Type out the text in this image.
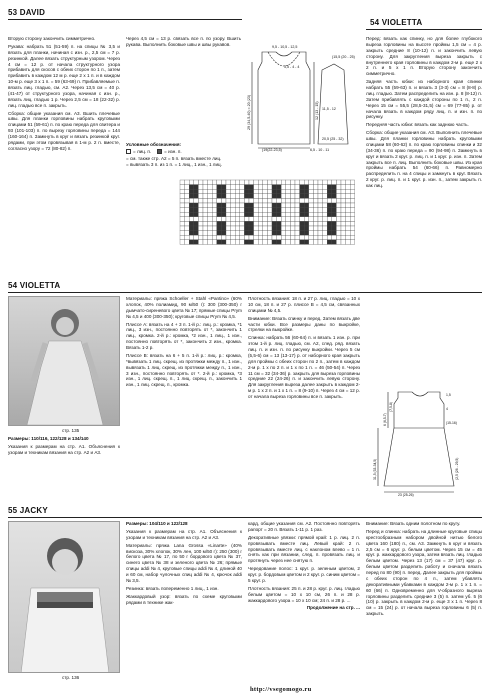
53 DAVID
54 VIOLETTA

Вторую сторону закончить симметрично.

Рукава: набрать 51 (51-59) п. на спицы № 3,5 и вязать для планки, начиная с изн. р., 2,5 см = 7 р. резинкой. Далее вязать структурным узором. Через 4 см = 12 р. от начала структурного узора прибавить для скосов с обеих сторон по 1 п., затем прибавить в каждом 12 м р. еще 2 x 1 п. и в каждом 10-м р. еще 3 x 1 п. = 59 (63-69) п. Прибавляемые п. вязать лиц. гладью, см. А2. Через 13,5 см = 40 р. (41-47) от структурного узора, начиная с изн. р., вязать лиц. гладью 1 р. Через 2,5 см = 18 (22-32) р. лиц. гладью все п. закрыть.

Сборка: общие указания см. А3. Вшить плечевые швы. Для планки горловины набрать круговыми спицами 51 (59-61) п. по краю переда для свитера и 93 (101-103) п. по вырезу горловины переда = 144 (160-164) п. Замкнуть в круг и вязать резинкой круг. рядами, при этом провязывая в 1-м р. 2 п. вместе, согласно узору = 72 (80-82) п.

Через 4,5 см = 13 р. связать все п. по узору. Вшить рукава. Выполнить боковые швы и швы рукавов.

9,5 - 10,5 - 12,5
3,5 - 4 - 4
(19(22-23,5)	6,5 - 10 - 11
(15,5 (20 - 25)
29 (34,5-40) = 20 (23)	12 (13 - 15) 11,5 - 12
20,5 (25 - 32)
Условные обозначения:
= лиц. п.	= изн. п.
= см. также стр. А2 = 5 п. вязать вместе лиц.
= вывязать 3 п. из 1 п. = 1 лиц., 1 изн., 1 лиц.
54 VIOLETTA
стр. 135

Размеры: 110/116, 122/128 и 134/140

Указания к размерам на стр. А1. Объяснения к узорам и техникам вязания на стр. А2 и А3.

Материалы: пряжа Schoeller + Stahl «Pantino» (60% хлопок, 40% полиамид, 90 м/50 г): 300 (300-350) г дымчато-сиреневого цвета № 17; прямые спицы Prym № 4,5 и 400 (300-350); круговые спицы Prym № 4,5.

Плиссе А: вязать на 4 + 3 п. 1-й р.: лиц. р.: кромка, *1 лиц., 3 изн., постоянно повторять от *, закончить 1 лиц., кромка. 2-й р.: кромка, *2 изн., 1 лиц., 1 изн., постоянно повторять от *, закончить 2 изн., кромка. Вязать 1-2 р.

Плиссе В: вязать на 6 + 5 п. 1-й р.: лиц. р.: кромка, *вывязать 1 лиц. скрещ. из протяжки между п., 1 изн., вывязать 1 лиц. скрещ. из протяжки между п., 1 изн., 3 изн., постоянно повторять от *. 2-й р.: кромка, *3 изн., 1 лиц. скрещ. п., 1 лиц. скрещ. п., закончить 1 изн., 1 лиц. скрещ. п., кромка.

Плотность вязания: 18 п. и 27 р. лиц. гладью = 10 x 10 см, 18 п. и 27 р. плиссе В = 4,5 см, связанных спицами № 4,5.

Внимание: Вязать спинку и перед. Затем вязать две части юбки. Все размеры даны по выкройке, стрелки на выкройке.

Спинка: набрать 56 (60-64) п. и вязать 1 изн. р. при этом 1-й р. лиц. гладью, см. А2, след. ряд. вязать лиц. п. и изн. п. по рисунку выкройки. Через 5 см (5,5-6) см = 13 (13-17) р. от наборного края закрыть для проймы с обеих сторон по 2 п., затем в каждом 2-м р. 1 x по 2 п. и 1 x по 1 п. = 46 (50-54) п. Через 11 см = 32 (34-36) р. закрыть для выреза горловины средние 22 (24-26) п. и закончить левую сторону. Для закругления выреза далее закрыть в каждом 2-м р. 1 x 2 п. и 1 x 1 п. = 8 (9-10) п. Через 4 см = 12 р. от начала выреза горловины все п. закрыть.

Перед: вязать как спинку, но для более глубокого выреза горловины на высоте проймы 1,5 см = 4 р. закрыть средние 8 (10-12) п. и закончить левую сторону. Для закругления выреза закрыть с внутреннего края горловины в каждом 2-м р. еще 2 x 2 п. и 5 x 1 п. Вторую сторону закончить симметрично.

Задняя часть юбки: из наборного края спинки набрать 55 (59-63) п. и вязать 3 (3-3) см = 8 (8-8) р. лиц. гладью. Затем распределить на изн. р. 8 (8-12) п. Затем прибавлять с каждой стороны по 1 п., 2 п. Через 15 см = 55,5 (28,5-31,5) см = 69 (77-85) р. от начала вязать в каждом ряду лиц. п. и изн. п. по рисунку.

Передняя часть юбки: вязать как заднюю часть.

Сборка: общие указания см. А3. Выполнить плечевые швы. Для планки горловины набрать круговыми спицами 58 (60-62) п. по краю горловины спинки и 32 (34-36) п. по краю переда = 90 (94-98) п. Замкнуть в круг и вязать 2 круг. р. лиц. п. и 1 круг. р. изн. п. Затем закрыть все п. лиц. Выполнить боковые швы. Из края проймы набрать 54 (60-66) п. Равномерно распределить п. на 4 спицы и замкнуть в круг. Вязать 2 круг. р. лиц. п. и 1 круг. р. изн. п., затем закрыть п. как лиц.

6 (6,5-7)
(7,5-8)
1,5
4
(15-16)
31,5 (33-34,5)	(2,5 (26 - 29,5)
23 (25-26)
55 JACKY
стр. 136

Размеры: 104/110 и 122/128

Указания к размерам на стр. А1. Объяснения к узорам и техникам вязания на стр. А2 и А3.

Материалы: пряжа Lana Grossa «Linarte» (40% вискоза, 30% хлопок, 30% лен, 100 м/50 г): 250 (300) г белого цвета № 17, по 50 г бордового цвета № 37, синего цвета № 38 и зеленого цвета № 26; прямые спицы addi № 4, круговые спицы addi № 4, длиной 40 и 60 см, набор чулочных спиц addi № 4, крючок addi № 3,5.

Резинка: вязать попеременно 1 лиц., 1 изн.

Жаккардовый узор: вязать по схеме круговыми рядами в технике жак-

кард, общие указания см. А2. Постоянно повторять рапорт = 20 п. Вязать 1-11 р. 1 раз.

Декоративные увязки: прямой край: 1 р. лиц. 2 п. провязывать вместе лиц. Левый край: 2 п. провязывать вместе лиц. с наклоном влево = 1 п. снять как при вязании, след. п. провязать лиц. и протянуть через нее снятую п.

Чередование полос: 1 круг. р. зеленым цветом, 2 круг. р. бордовым цветом и 2 круг. р. синим цветом = 5 круг. р.

Плотность вязания: 25 п. и 28 р. круг. р. лиц. гладью белым цветом = 10 x 10 см, 26 п. и 28 р. жаккардового узора = 10 x 10 см; 24 п. и 28 р. ...

Продолжение на стр. ...

Внимание: Вязать одним полотном по кругу.

Перед и спинка: набрать на длинные круговые спицы крестообразным набором двойной нитью белого цвета 160 (180) п., см. А3. Замкнуть в круг и вязать 2,5 см = 6 круг. р. белым цветом. Через 15 см = 45 круг. р. жаккардового узора, затем вязать лиц. гладью белым цветом. Через 13 (17) см = 37 (47) круг. р. белым цветом разделить работу и сначала вязать перед по 80 (90) п. перед. Далее закрыть для проймы с обеих сторон по 4 п., затем убавлять декоративными убавками в каждом 2-м р. 1 x 1 п. = 60 (66) п. Одновременно для V-образного выреза горловины разделить средние 3 (5) п. затем уб. 5 (6 (10) р. закрыть в каждом 2-м р. еще 3 x 1 п. Через 8 см = 15 (24) р. от начала выреза горловины 6 (5) п. закрыть.

http://vsegomogo.ru
